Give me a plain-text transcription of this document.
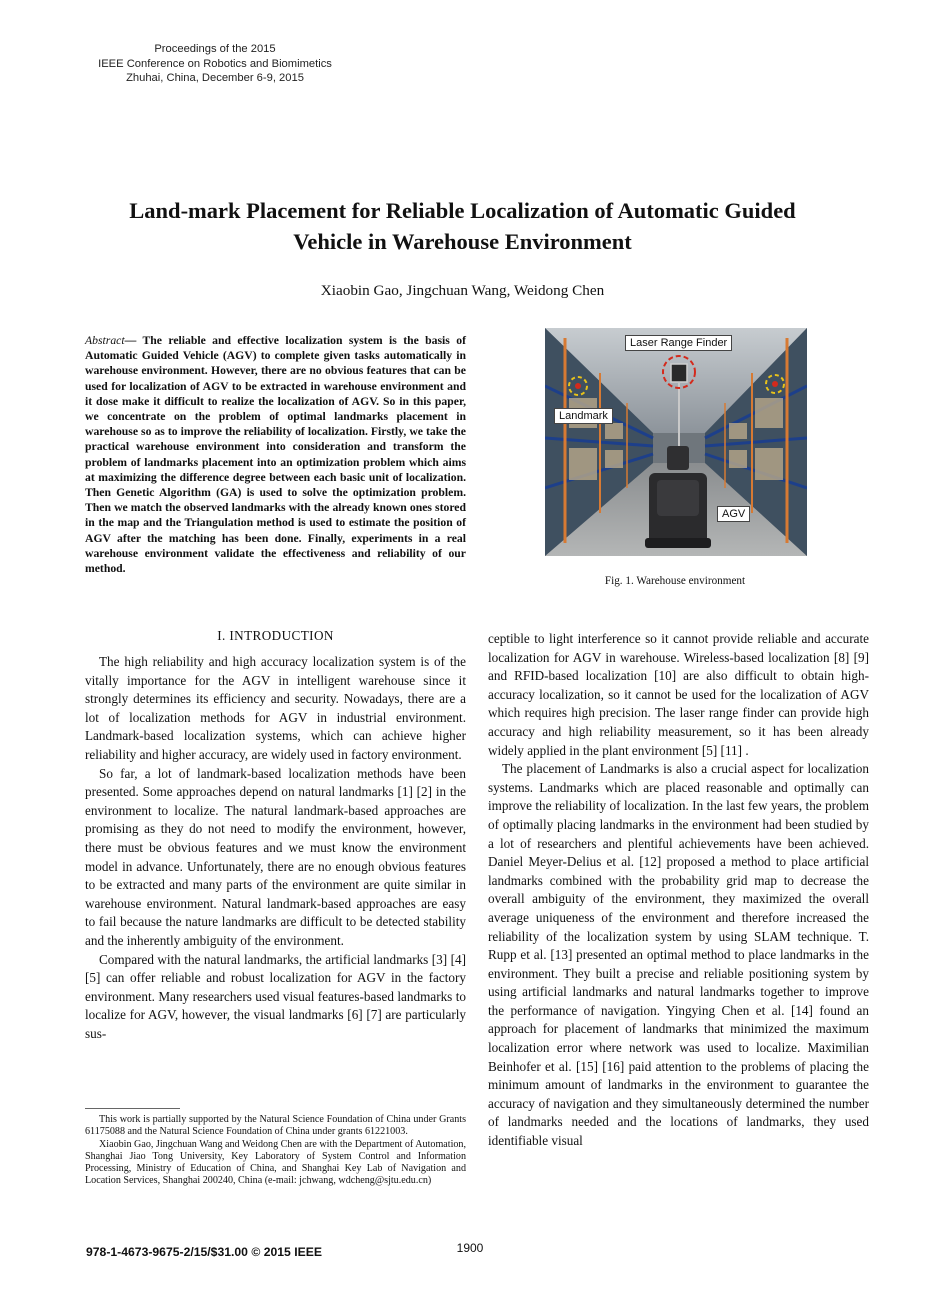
Proceedings of the 2015
IEEE Conference on Robotics and Biomimetics
Zhuhai, China, December 6-9, 2015
Land-mark Placement for Reliable Localization of Automatic Guided
Vehicle in Warehouse Environment
Xiaobin Gao, Jingchuan Wang, Weidong Chen
Abstract— The reliable and effective localization system is the basis of Automatic Guided Vehicle (AGV) to complete given tasks automatically in warehouse environment. However, there are no obvious features that can be used for localization of AGV to be extracted in warehouse environment and it dose make it difficult to realize the localization of AGV. So in this paper, we concentrate on the problem of optimal landmarks placement in warehouse so as to improve the reliability of localization. Firstly, we take the practical warehouse environment into consideration and transform the problem of landmarks placement into an optimization problem which aims at maximizing the difference degree between each basic unit of localization. Then Genetic Algorithm (GA) is used to solve the optimization problem. Then we match the observed landmarks with the already known ones stored in the map and the Triangulation method is used to estimate the position of AGV after the matching has been done. Finally, experiments in a real warehouse environment validate the effectiveness and reliability of our method.
Laser Range Finder
Landmark
AGV
Fig. 1. Warehouse environment
I. INTRODUCTION

The high reliability and high accuracy localization system is of the vitally importance for the AGV in intelligent warehouse since it strongly determines its efficiency and security. Nowadays, there are a lot of localization methods for AGV in industrial environment. Landmark-based localization systems, which can achieve higher reliability and higher accuracy, are widely used in factory environment.

So far, a lot of landmark-based localization methods have been presented. Some approaches depend on natural landmarks [1] [2] in the environment to localize. The natural landmark-based approaches are promising as they do not need to modify the environment, however, there must be obvious features and we must know the environment model in advance. Unfortunately, there are no enough obvious features to be extracted and many parts of the environment are quite similar in warehouse environment. Natural landmark-based approaches are easy to fail because the nature landmarks are difficult to be detected stability and the inherently ambiguity of the environment.

Compared with the natural landmarks, the artificial landmarks [3] [4] [5] can offer reliable and robust localization for AGV in the factory environment. Many researchers used visual features-based landmarks to localize for AGV, however, the visual landmarks [6] [7] are particularly sus-

This work is partially supported by the Natural Science Foundation of China under Grants 61175088 and the Natural Science Foundation of China under grants 61221003.

Xiaobin Gao, Jingchuan Wang and Weidong Chen are with the Department of Automation, Shanghai Jiao Tong University, Key Laboratory of System Control and Information Processing, Ministry of Education of China, and Shanghai Key Lab of Navigation and Location Services, Shanghai 200240, China (e-mail: jchwang, wdcheng@sjtu.edu.cn)

ceptible to light interference so it cannot provide reliable and accurate localization for AGV in warehouse. Wireless-based localization [8] [9] and RFID-based localization [10] are also difficult to obtain high-accuracy localization, so it cannot be used for the localization of AGV which requires high precision. The laser range finder can provide high accuracy and high reliability measurement, so it has been already widely applied in the plant environment [5] [11] .

The placement of Landmarks is also a crucial aspect for localization systems. Landmarks which are placed reasonable and optimally can improve the reliability of localization. In the last few years, the problem of optimally placing landmarks in the environment had been studied by a lot of researchers and plentiful achievements have been achieved. Daniel Meyer-Delius et al. [12] proposed a method to place artificial landmarks combined with the probability grid map to decrease the overall ambiguity of the environment, they maximized the overall average uniqueness of the environment and therefore increased the reliability of the localization system by using SLAM technique. T. Rupp et al. [13] presented an optimal method to place landmarks in the environment. They built a precise and reliable positioning system by using artificial landmarks and natural landmarks together to improve the performance of navigation. Yingying Chen et al. [14] found an approach for placement of landmarks that minimized the maximum localization error where network was used to localize. Maximilian Beinhofer et al. [15] [16] paid attention to the problems of placing the minimum amount of landmarks in the environment to guarantee the accuracy of navigation and they simultaneously determined the number of landmarks needed and the locations of landmarks, they used identifiable visual

978-1-4673-9675-2/15/$31.00 © 2015 IEEE	1900
